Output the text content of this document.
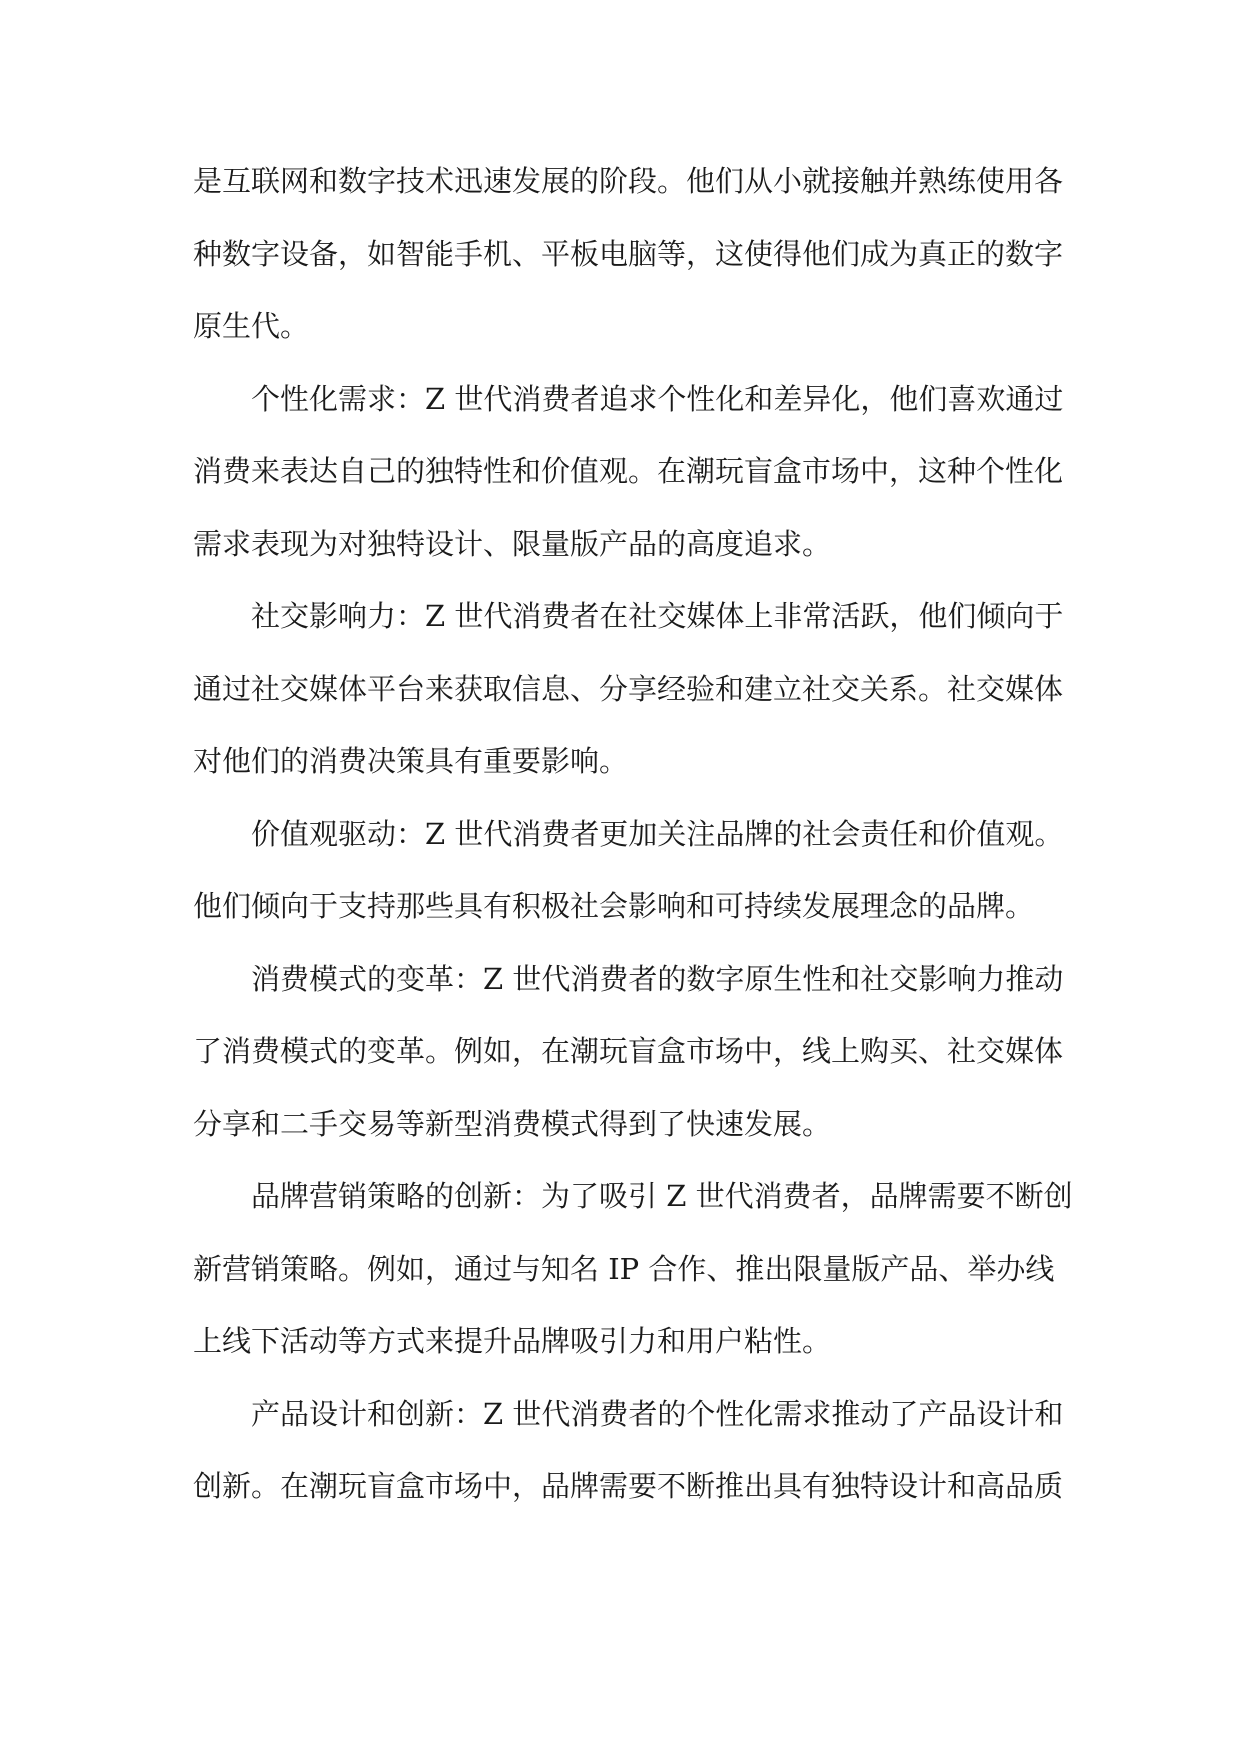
是互联网和数字技术迅速发展的阶段。他们从小就接触并熟练使用各
种数字设备，如智能手机、平板电脑等，这使得他们成为真正的数字
原生代。
个性化需求：Z 世代消费者追求个性化和差异化，他们喜欢通过
消费来表达自己的独特性和价值观。在潮玩盲盒市场中，这种个性化
需求表现为对独特设计、限量版产品的高度追求。
社交影响力：Z 世代消费者在社交媒体上非常活跃，他们倾向于
通过社交媒体平台来获取信息、分享经验和建立社交关系。社交媒体
对他们的消费决策具有重要影响。
价值观驱动：Z 世代消费者更加关注品牌的社会责任和价值观。
他们倾向于支持那些具有积极社会影响和可持续发展理念的品牌。
消费模式的变革：Z 世代消费者的数字原生性和社交影响力推动
了消费模式的变革。例如，在潮玩盲盒市场中，线上购买、社交媒体
分享和二手交易等新型消费模式得到了快速发展。
品牌营销策略的创新：为了吸引 Z 世代消费者，品牌需要不断创
新营销策略。例如，通过与知名 IP 合作、推出限量版产品、举办线
上线下活动等方式来提升品牌吸引力和用户粘性。
产品设计和创新：Z 世代消费者的个性化需求推动了产品设计和
创新。在潮玩盲盒市场中，品牌需要不断推出具有独特设计和高品质
